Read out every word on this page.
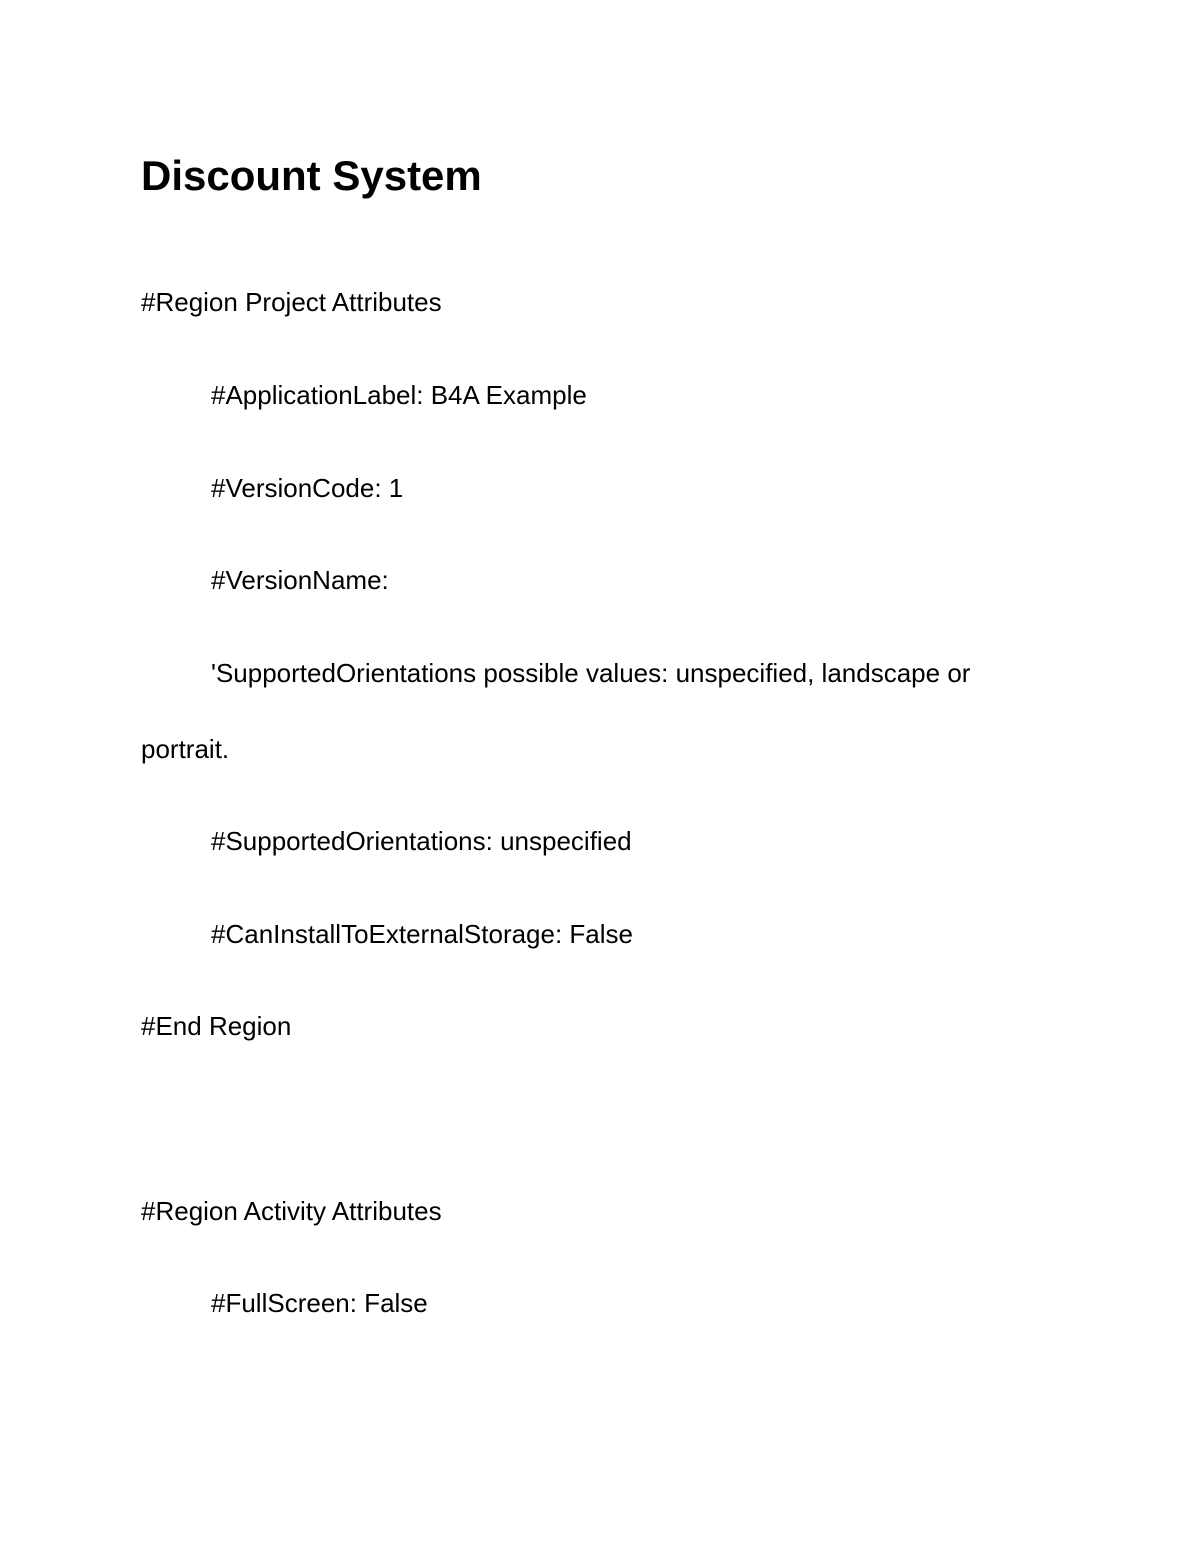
Discount System
#Region Project Attributes
#ApplicationLabel: B4A Example
#VersionCode: 1
#VersionName:
'SupportedOrientations possible values: unspecified, landscape or
portrait.
#SupportedOrientations: unspecified
#CanInstallToExternalStorage: False
#End Region
#Region Activity Attributes
#FullScreen: False
